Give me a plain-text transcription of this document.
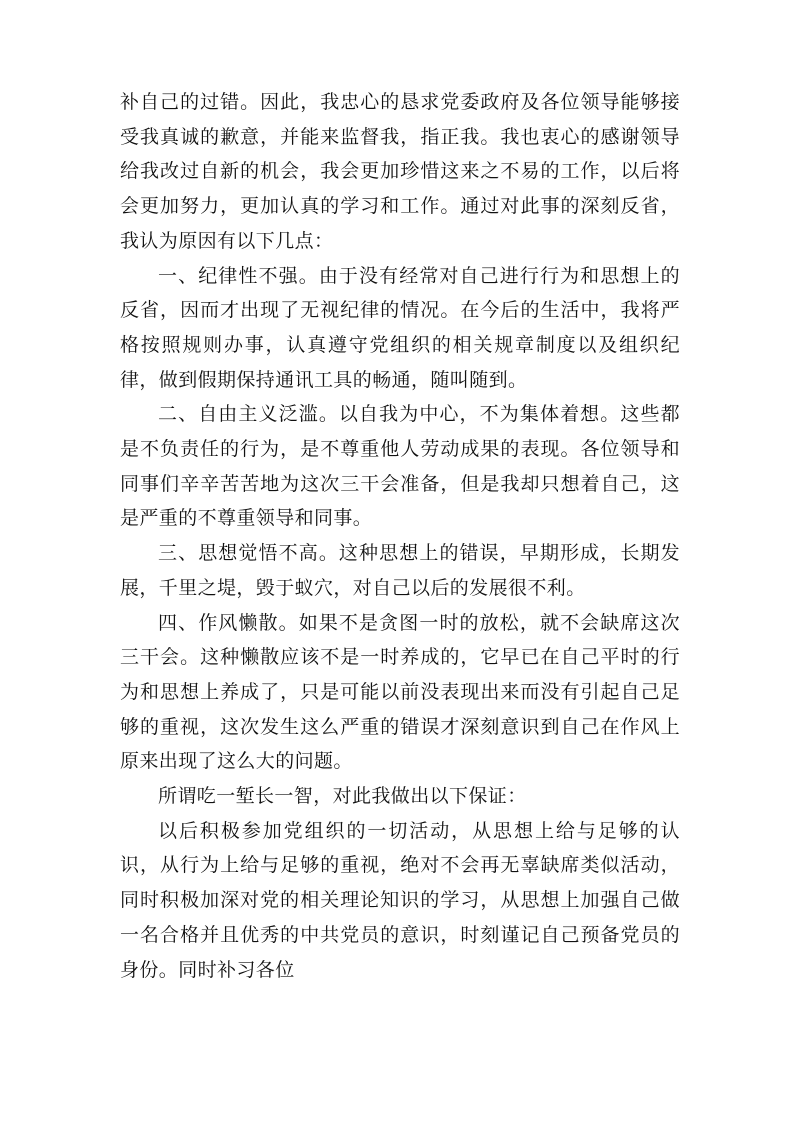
补自己的过错。因此，我忠心的恳求党委政府及各位领导能够接受我真诚的歉意，并能来监督我，指正我。我也衷心的感谢领导给我改过自新的机会，我会更加珍惜这来之不易的工作，以后将会更加努力，更加认真的学习和工作。通过对此事的深刻反省，我认为原因有以下几点：

一、纪律性不强。由于没有经常对自己进行行为和思想上的反省，因而才出现了无视纪律的情况。在今后的生活中，我将严格按照规则办事，认真遵守党组织的相关规章制度以及组织纪律，做到假期保持通讯工具的畅通，随叫随到。

二、自由主义泛滥。以自我为中心，不为集体着想。这些都是不负责任的行为，是不尊重他人劳动成果的表现。各位领导和同事们辛辛苦苦地为这次三干会准备，但是我却只想着自己，这是严重的不尊重领导和同事。

三、思想觉悟不高。这种思想上的错误，早期形成，长期发展，千里之堤，毁于蚁穴，对自己以后的发展很不利。

四、作风懒散。如果不是贪图一时的放松，就不会缺席这次三干会。这种懒散应该不是一时养成的，它早已在自己平时的行为和思想上养成了，只是可能以前没表现出来而没有引起自己足够的重视，这次发生这么严重的错误才深刻意识到自己在作风上原来出现了这么大的问题。

所谓吃一堑长一智，对此我做出以下保证：

以后积极参加党组织的一切活动，从思想上给与足够的认识，从行为上给与足够的重视，绝对不会再无辜缺席类似活动，同时积极加深对党的相关理论知识的学习，从思想上加强自己做一名合格并且优秀的中共党员的意识，时刻谨记自己预备党员的身份。同时补习各位
